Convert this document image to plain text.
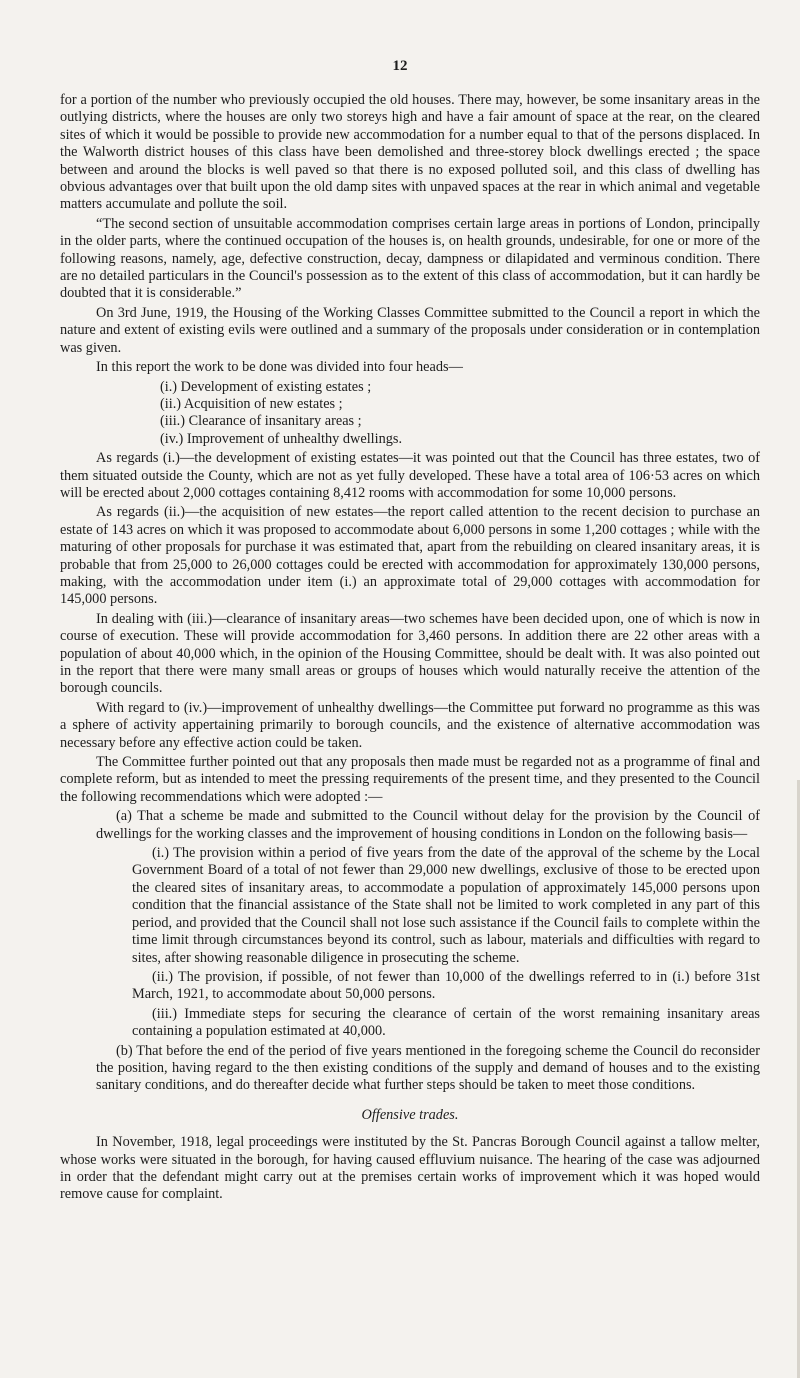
12

for a portion of the number who previously occupied the old houses. There may, however, be some insanitary areas in the outlying districts, where the houses are only two storeys high and have a fair amount of space at the rear, on the cleared sites of which it would be possible to provide new accommodation for a number equal to that of the persons displaced. In the Walworth district houses of this class have been demolished and three-storey block dwellings erected ; the space between and around the blocks is well paved so that there is no exposed polluted soil, and this class of dwelling has obvious advantages over that built upon the old damp sites with unpaved spaces at the rear in which animal and vegetable matters accumulate and pollute the soil.

“The second section of unsuitable accommodation comprises certain large areas in portions of London, principally in the older parts, where the continued occupation of the houses is, on health grounds, undesirable, for one or more of the following reasons, namely, age, defective construction, decay, dampness or dilapidated and verminous condition. There are no detailed particulars in the Council's possession as to the extent of this class of accommodation, but it can hardly be doubted that it is considerable.”

On 3rd June, 1919, the Housing of the Working Classes Committee submitted to the Council a report in which the nature and extent of existing evils were outlined and a summary of the proposals under consideration or in contemplation was given.

In this report the work to be done was divided into four heads—

(i.) Development of existing estates ;
(ii.) Acquisition of new estates ;
(iii.) Clearance of insanitary areas ;
(iv.) Improvement of unhealthy dwellings.

As regards (i.)—the development of existing estates—it was pointed out that the Council has three estates, two of them situated outside the County, which are not as yet fully developed. These have a total area of 106·53 acres on which will be erected about 2,000 cottages containing 8,412 rooms with accommodation for some 10,000 persons.

As regards (ii.)—the acquisition of new estates—the report called attention to the recent decision to purchase an estate of 143 acres on which it was proposed to accommodate about 6,000 persons in some 1,200 cottages ; while with the maturing of other proposals for purchase it was estimated that, apart from the rebuilding on cleared insanitary areas, it is probable that from 25,000 to 26,000 cottages could be erected with accommodation for approximately 130,000 persons, making, with the accommodation under item (i.) an approximate total of 29,000 cottages with accommodation for 145,000 persons.

In dealing with (iii.)—clearance of insanitary areas—two schemes have been decided upon, one of which is now in course of execution. These will provide accommodation for 3,460 persons. In addition there are 22 other areas with a population of about 40,000 which, in the opinion of the Housing Committee, should be dealt with. It was also pointed out in the report that there were many small areas or groups of houses which would naturally receive the attention of the borough councils.

With regard to (iv.)—improvement of unhealthy dwellings—the Committee put forward no programme as this was a sphere of activity appertaining primarily to borough councils, and the existence of alternative accommodation was necessary before any effective action could be taken.

The Committee further pointed out that any proposals then made must be regarded not as a programme of final and complete reform, but as intended to meet the pressing requirements of the present time, and they presented to the Council the following recommendations which were adopted :—

(a) That a scheme be made and submitted to the Council without delay for the provision by the Council of dwellings for the working classes and the improvement of housing conditions in London on the following basis—

(i.) The provision within a period of five years from the date of the approval of the scheme by the Local Government Board of a total of not fewer than 29,000 new dwellings, exclusive of those to be erected upon the cleared sites of insanitary areas, to accommodate a population of approximately 145,000 persons upon condition that the financial assistance of the State shall not be limited to work completed in any part of this period, and provided that the Council shall not lose such assistance if the Council fails to complete within the time limit through circumstances beyond its control, such as labour, materials and difficulties with regard to sites, after showing reasonable diligence in prosecuting the scheme.

(ii.) The provision, if possible, of not fewer than 10,000 of the dwellings referred to in (i.) before 31st March, 1921, to accommodate about 50,000 persons.

(iii.) Immediate steps for securing the clearance of certain of the worst remaining insanitary areas containing a population estimated at 40,000.

(b) That before the end of the period of five years mentioned in the foregoing scheme the Council do reconsider the position, having regard to the then existing conditions of the supply and demand of houses and to the existing sanitary conditions, and do thereafter decide what further steps should be taken to meet those conditions.

Offensive trades.

In November, 1918, legal proceedings were instituted by the St. Pancras Borough Council against a tallow melter, whose works were situated in the borough, for having caused effluvium nuisance. The hearing of the case was adjourned in order that the defendant might carry out at the premises certain works of improvement which it was hoped would remove cause for complaint.
